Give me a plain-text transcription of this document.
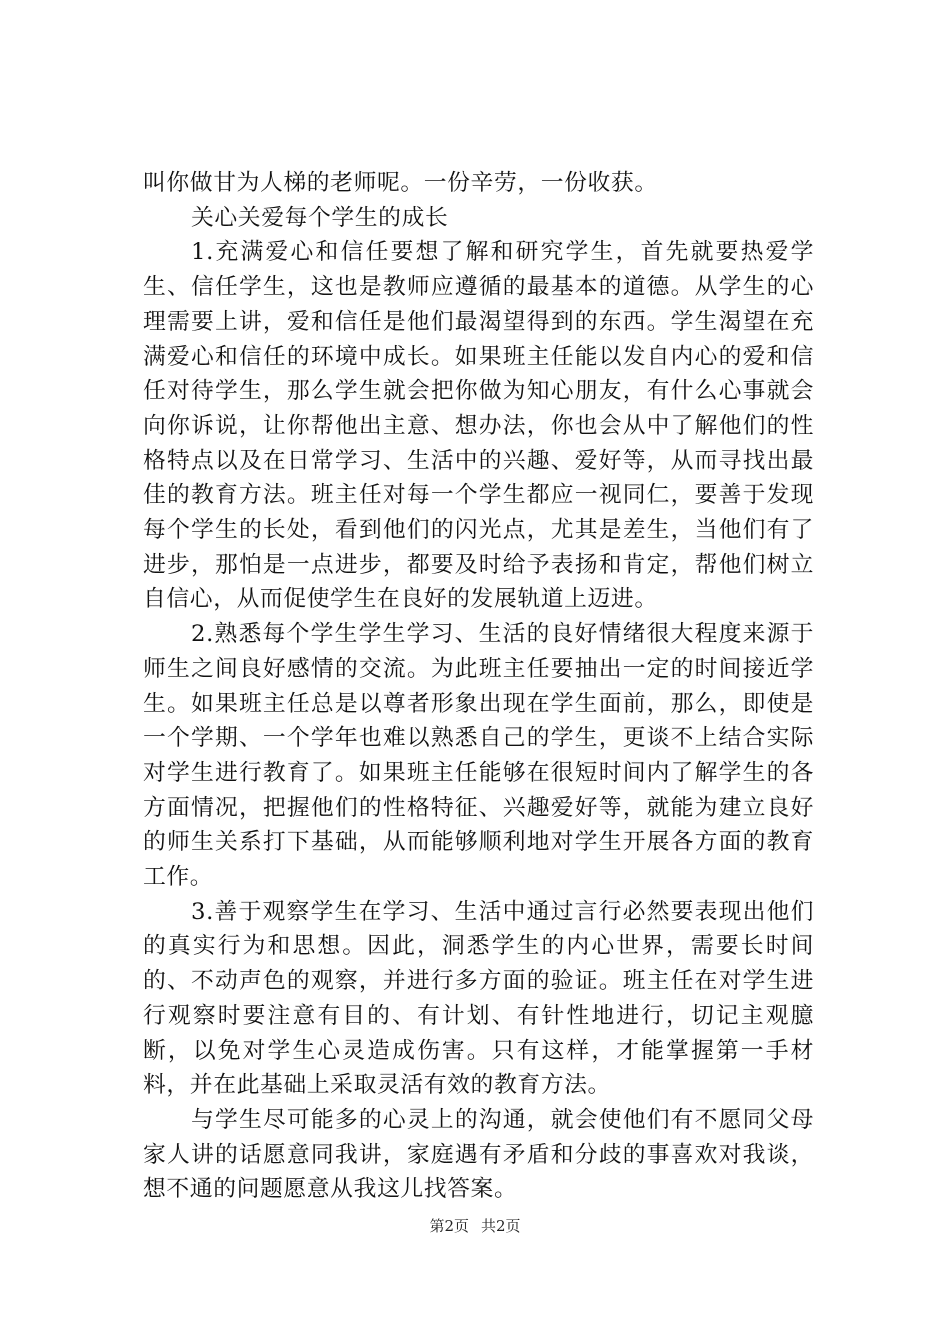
叫你做甘为人梯的老师呢。一份辛劳，一份收获。

关心关爱每个学生的成长

1.充满爱心和信任要想了解和研究学生，首先就要热爱学生、信任学生，这也是教师应遵循的最基本的道德。从学生的心理需要上讲，爱和信任是他们最渴望得到的东西。学生渴望在充满爱心和信任的环境中成长。如果班主任能以发自内心的爱和信任对待学生，那么学生就会把你做为知心朋友，有什么心事就会向你诉说，让你帮他出主意、想办法，你也会从中了解他们的性格特点以及在日常学习、生活中的兴趣、爱好等，从而寻找出最佳的教育方法。班主任对每一个学生都应一视同仁，要善于发现每个学生的长处，看到他们的闪光点，尤其是差生，当他们有了进步，那怕是一点进步，都要及时给予表扬和肯定，帮他们树立自信心，从而促使学生在良好的发展轨道上迈进。

2.熟悉每个学生学生学习、生活的良好情绪很大程度来源于师生之间良好感情的交流。为此班主任要抽出一定的时间接近学生。如果班主任总是以尊者形象出现在学生面前，那么，即使是一个学期、一个学年也难以熟悉自己的学生，更谈不上结合实际对学生进行教育了。如果班主任能够在很短时间内了解学生的各方面情况，把握他们的性格特征、兴趣爱好等，就能为建立良好的师生关系打下基础，从而能够顺利地对学生开展各方面的教育工作。

3.善于观察学生在学习、生活中通过言行必然要表现出他们的真实行为和思想。因此，洞悉学生的内心世界，需要长时间的、不动声色的观察，并进行多方面的验证。班主任在对学生进行观察时要注意有目的、有计划、有针性地进行，切记主观臆断，以免对学生心灵造成伤害。只有这样，才能掌握第一手材料，并在此基础上采取灵活有效的教育方法。

与学生尽可能多的心灵上的沟通，就会使他们有不愿同父母家人讲的话愿意同我讲，家庭遇有矛盾和分歧的事喜欢对我谈，想不通的问题愿意从我这儿找答案。

第2页 共2页
